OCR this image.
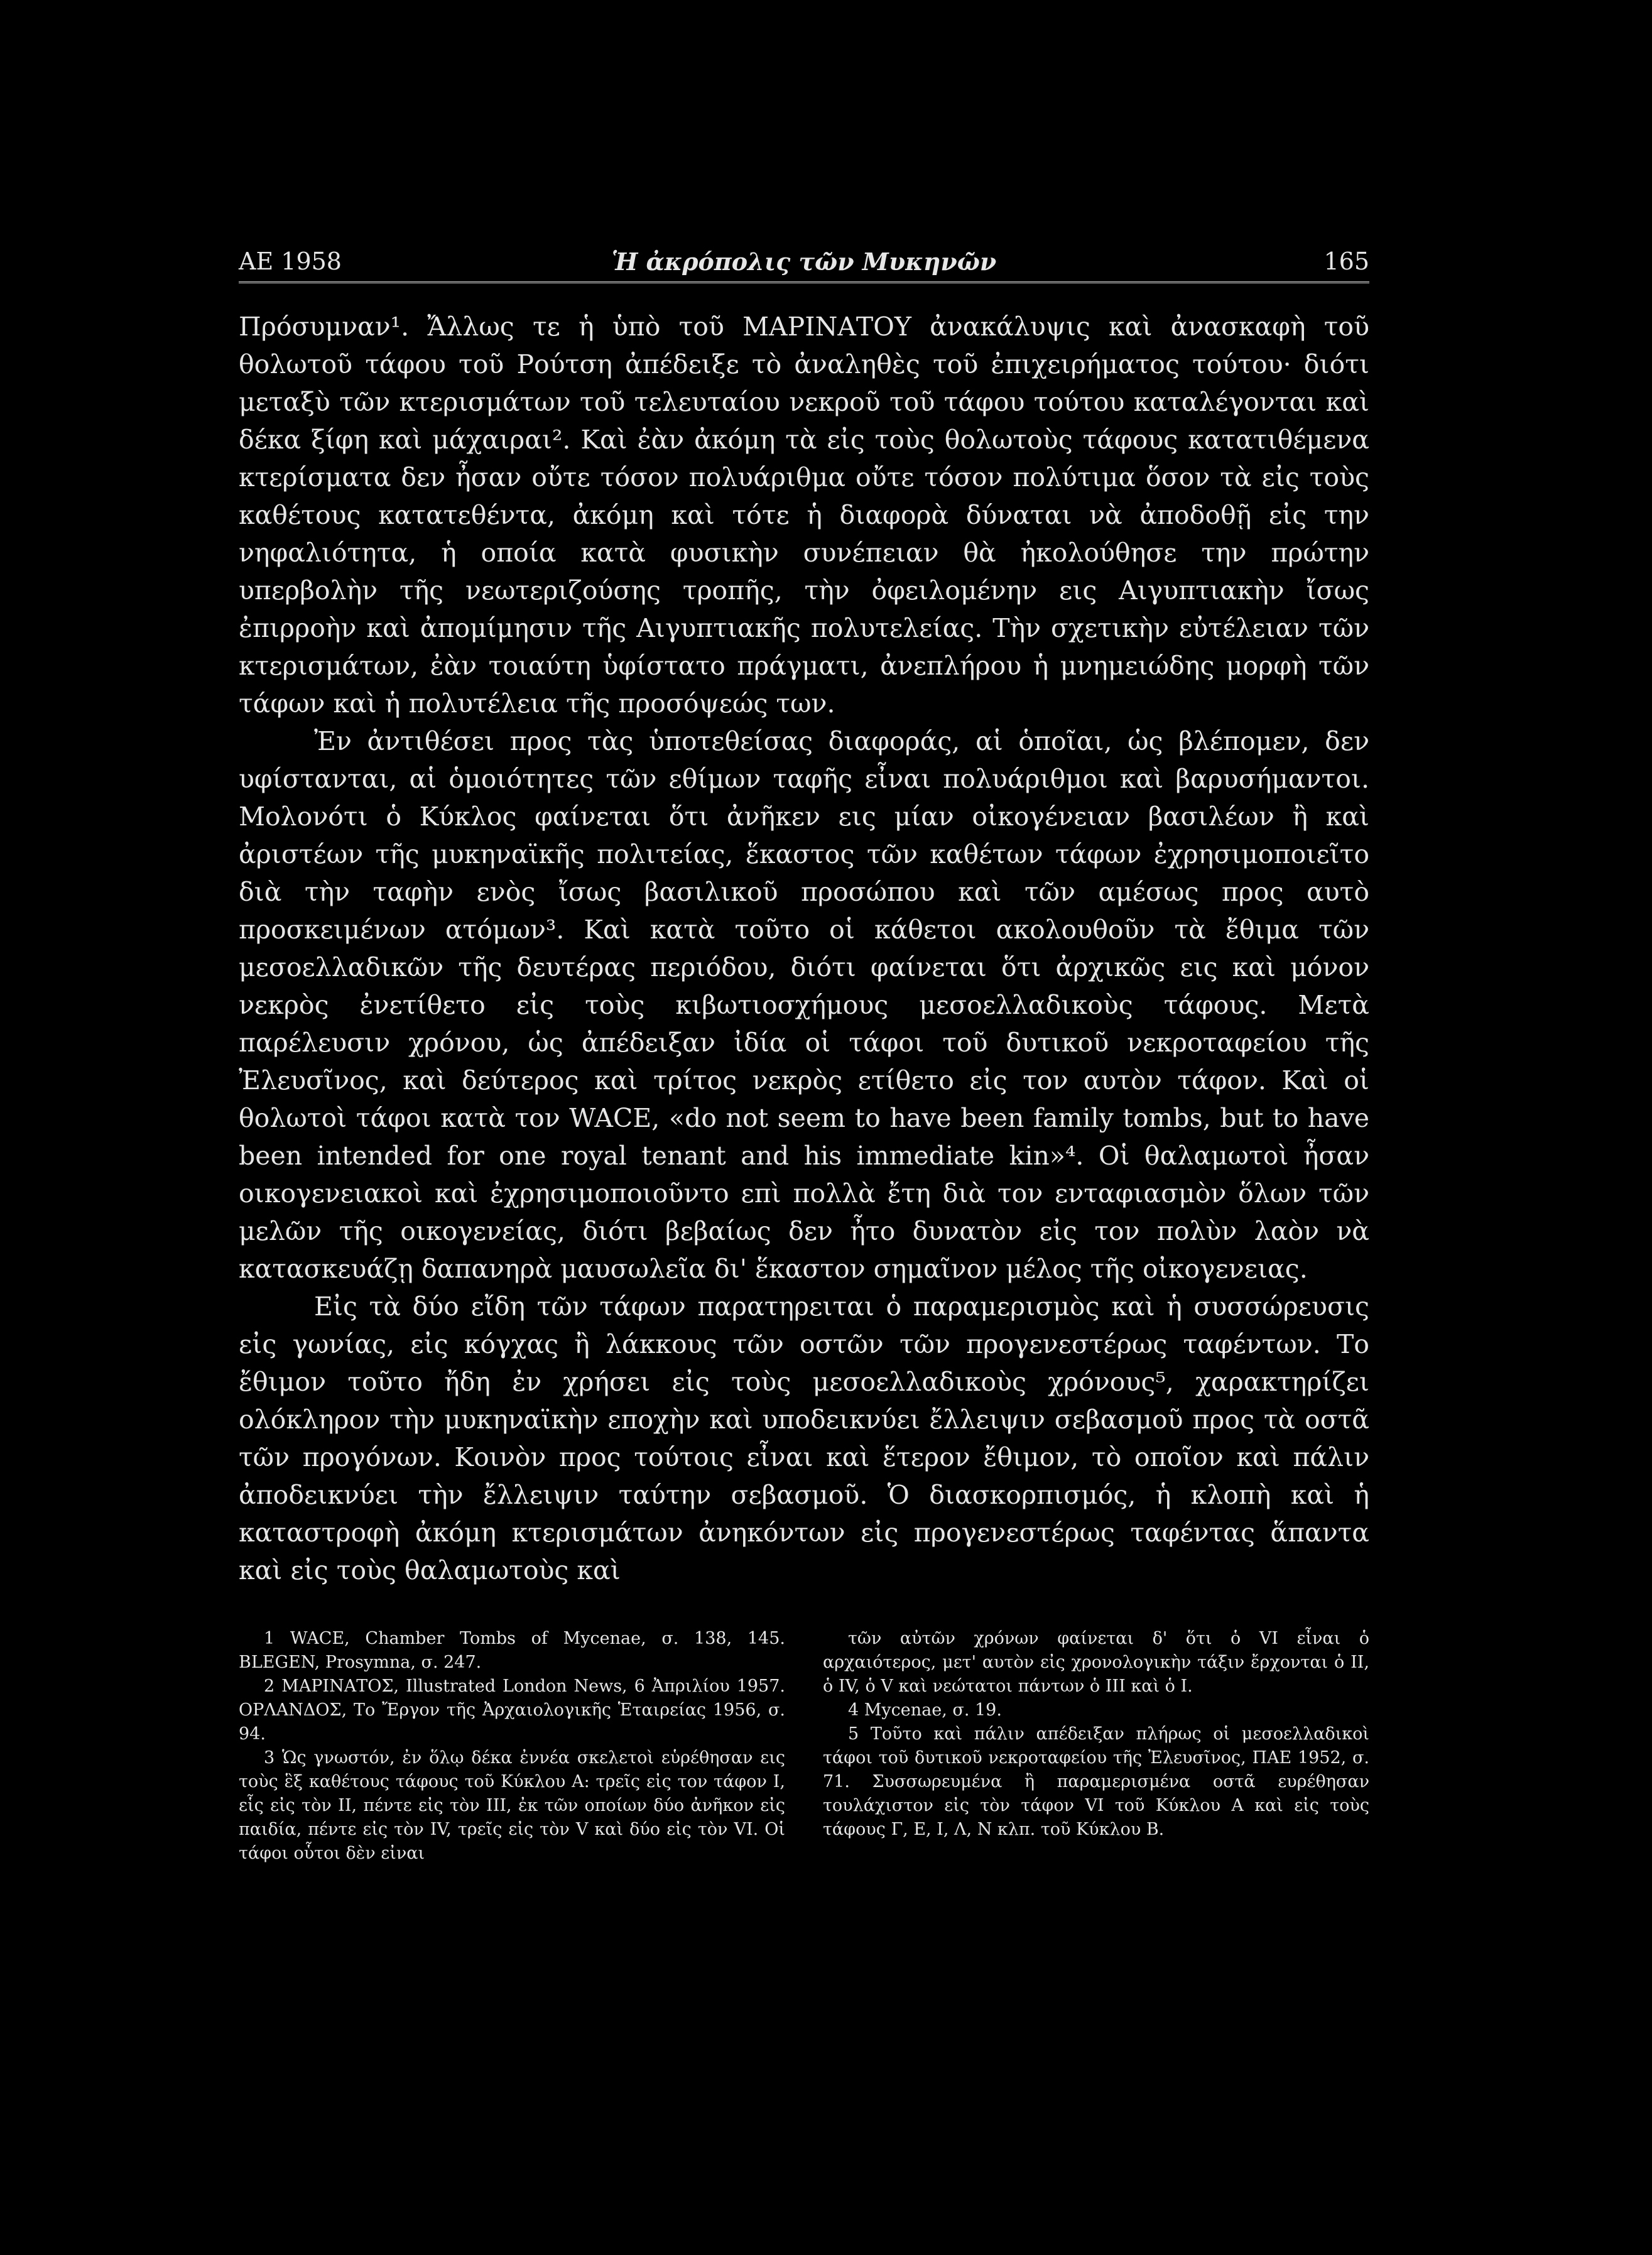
ΑΕ 1958	Ἡ ἀκρόπολις τῶν Μυκηνῶν	165

Πρόσυμναν¹. Ἄλλως τε ἡ ὑπὸ τοῦ ΜΑΡΙΝΑΤΟΥ ἀνακάλυψις καὶ ἀνασκαφὴ τοῦ θολωτοῦ τάφου τοῦ Ρούτση ἀπέδειξε τὸ ἀναληθὲς τοῦ ἐπιχειρήματος τούτου· διότι μεταξὺ τῶν κτερισμάτων τοῦ τελευταίου νεκροῦ τοῦ τάφου τούτου καταλέγονται καὶ δέκα ξίφη καὶ μάχαιραι². Καὶ ἐὰν ἀκόμη τὰ εἰς τοὺς θολωτοὺς τάφους κατατιθέμενα κτερίσματα δεν ἦσαν οὔτε τόσον πολυάριθμα οὔτε τόσον πολύτιμα ὅσον τὰ εἰς τοὺς καθέτους κατατεθέντα, ἀκόμη καὶ τότε ἡ διαφορὰ δύναται νὰ ἀποδοθῇ εἰς την νηφαλιότητα, ἡ οποία κατὰ φυσικὴν συνέπειαν θὰ ἠκολούθησε την πρώτην υπερβολὴν τῆς νεωτεριζούσης τροπῆς, τὴν ὀφειλομένην εις Αιγυπτιακὴν ἴσως ἐπιρροὴν καὶ ἀπομίμησιν τῆς Αιγυπτιακῆς πολυτελείας. Τὴν σχετικὴν εὐτέλειαν τῶν κτερισμάτων, ἐὰν τοιαύτη ὑφίστατο πράγματι, ἀνεπλήρου ἡ μνημειώδης μορφὴ τῶν τάφων καὶ ἡ πολυτέλεια τῆς προσόψεώς των.

Ἐν ἀντιθέσει προς τὰς ὑποτεθείσας διαφοράς, αἱ ὁποῖαι, ὡς βλέπομεν, δεν υφίστανται, αἱ ὁμοιότητες τῶν εθίμων ταφῆς εἶναι πολυάριθμοι καὶ βαρυσήμαντοι. Μολονότι ὁ Κύκλος φαίνεται ὅτι ἀνῆκεν εις μίαν οἰκογένειαν βασιλέων ἢ καὶ ἀριστέων τῆς μυκηναϊκῆς πολιτείας, ἕκαστος τῶν καθέτων τάφων ἐχρησιμοποιεῖτο διὰ τὴν ταφὴν ενὸς ἴσως βασιλικοῦ προσώπου καὶ τῶν αμέσως προς αυτὸ προσκειμένων ατόμων³. Καὶ κατὰ τοῦτο οἱ κάθετοι ακολουθοῦν τὰ ἔθιμα τῶν μεσοελλαδικῶν τῆς δευτέρας περιόδου, διότι φαίνεται ὅτι ἀρχικῶς εις καὶ μόνον νεκρὸς ἐνετίθετο εἰς τοὺς κιβωτιοσχήμους μεσοελλαδικοὺς τάφους. Μετὰ παρέλευσιν χρόνου, ὡς ἀπέδειξαν ἰδία οἱ τάφοι τοῦ δυτικοῦ νεκροταφείου τῆς Ἐλευσῖνος, καὶ δεύτερος καὶ τρίτος νεκρὸς ετίθετο εἰς τον αυτὸν τάφον. Καὶ οἱ θολωτοὶ τάφοι κατὰ τον WACE, «do not seem to have been family tombs, but to have been intended for one royal tenant and his immediate kin»⁴. Οἱ θαλαμωτοὶ ἦσαν οικογενειακοὶ καὶ ἐχρησιμοποιοῦντο επὶ πολλὰ ἔτη διὰ τον ενταφιασμὸν ὅλων τῶν μελῶν τῆς οικογενείας, διότι βεβαίως δεν ἦτο δυνατὸν εἰς τον πολὺν λαὸν νὰ κατασκευάζῃ δαπανηρὰ μαυσωλεῖα δι' ἕκαστον σημαῖνον μέλος τῆς οἰκογενειας.

Εἰς τὰ δύο εἴδη τῶν τάφων παρατηρειται ὁ παραμερισμὸς καὶ ἡ συσσώρευσις εἰς γωνίας, εἰς κόγχας ἢ λάκκους τῶν οστῶν τῶν προγενεστέρως ταφέντων. Το ἔθιμον τοῦτο ἤδη ἐν χρήσει εἰς τοὺς μεσοελλαδικοὺς χρόνους⁵, χαρακτηρίζει ολόκληρον τὴν μυκηναϊκὴν εποχὴν καὶ υποδεικνύει ἔλλειψιν σεβασμοῦ προς τὰ οστᾶ τῶν προγόνων. Κοινὸν προς τούτοις εἶναι καὶ ἕτερον ἔθιμον, τὸ οποῖον καὶ πάλιν ἀποδεικνύει τὴν ἔλλειψιν ταύτην σεβασμοῦ. Ὁ διασκορπισμός, ἡ κλοπὴ καὶ ἡ καταστροφὴ ἀκόμη κτερισμάτων ἀνηκόντων εἰς προγενεστέρως ταφέντας ἅπαντα καὶ εἰς τοὺς θαλαμωτοὺς καὶ

1 WACE, Chamber Tombs of Mycenae, σ. 138, 145. BLEGEN, Prosymna, σ. 247.

2 ΜΑΡΙΝΑΤΟΣ, Illustrated London News, 6 Ἀπριλίου 1957. ΟΡΛΑΝΔΟΣ, Το Ἔργον τῆς Ἀρχαιολογικῆς Ἑταιρείας 1956, σ. 94.

3 Ὡς γνωστόν, ἐν ὅλῳ δέκα ἐννέα σκελετοὶ εὑρέθησαν εις τοὺς ἓξ καθέτους τάφους τοῦ Κύκλου Α: τρεῖς εἰς τον τάφον Ι, εἷς εἰς τὸν ΙΙ, πέντε εἰς τὸν ΙΙΙ, ἐκ τῶν οποίων δύο ἀνῆκον εἰς παιδία, πέντε εἰς τὸν IV, τρεῖς εἰς τὸν V καὶ δύο εἰς τὸν VI. Οἱ τάφοι οὗτοι δὲν εἰναι

τῶν αὐτῶν χρόνων φαίνεται δ' ὅτι ὁ VI εἶναι ὁ αρχαιότερος, μετ' αυτὸν εἰς χρονολογικὴν τάξιν ἔρχονται ὁ ΙΙ, ὁ IV, ὁ V καὶ νεώτατοι πάντων ὁ ΙΙΙ καὶ ὁ Ι.

4 Mycenae, σ. 19.

5 Τοῦτο καὶ πάλιν απέδειξαν πλήρως οἱ μεσοελλαδικοὶ τάφοι τοῦ δυτικοῦ νεκροταφείου τῆς Ἐλευσῖνος, ΠΑΕ 1952, σ. 71. Συσσωρευμένα ἢ παραμερισμένα οστᾶ ευρέθησαν τουλάχιστον εἰς τὸν τάφον VI τοῦ Κύκλου Α καὶ εἰς τοὺς τάφους Γ, Ε, Ι, Λ, Ν κλπ. τοῦ Κύκλου Β.
